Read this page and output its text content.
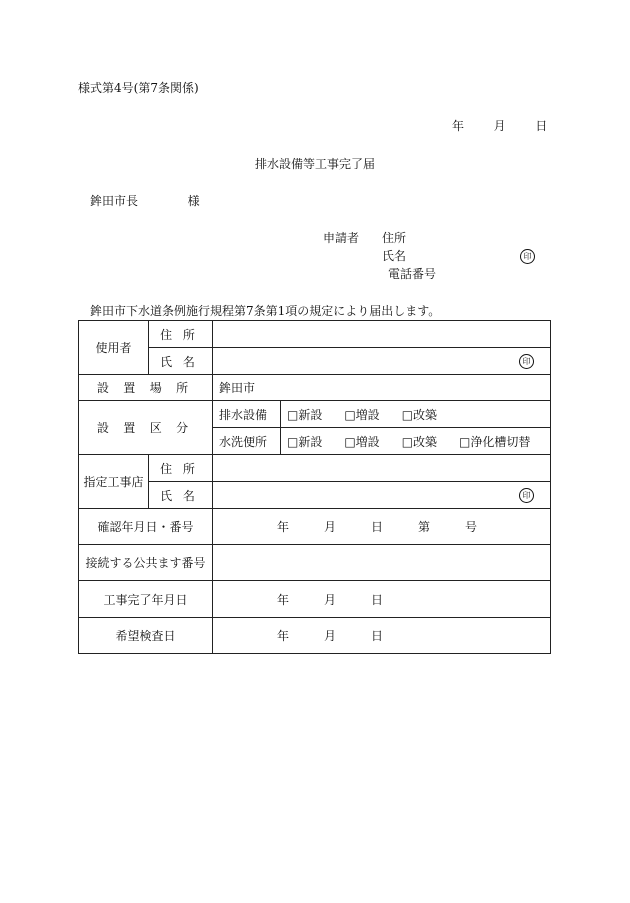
様式第4号(第7条関係)
年 月 日
排水設備等工事完了届
鉾田市長	様
申請者 住所
氏名	印
電話番号
鉾田市下水道条例施行規程第7条第1項の規定により届出します。
使用者	住所		
	氏名	印	

設置場所		鉾田市	
設置区分		排水設備	□新設 □増設 □改築
		水洗便所	□新設 □増設 □改築 □浄化槽切替
指定工事店	住所		
	氏名	印	

確認年月日・番号		年 月 日 第 号	
接続する公共ます番号			
工事完了年月日		年 月 日	
希望検査日		年 月 日	
